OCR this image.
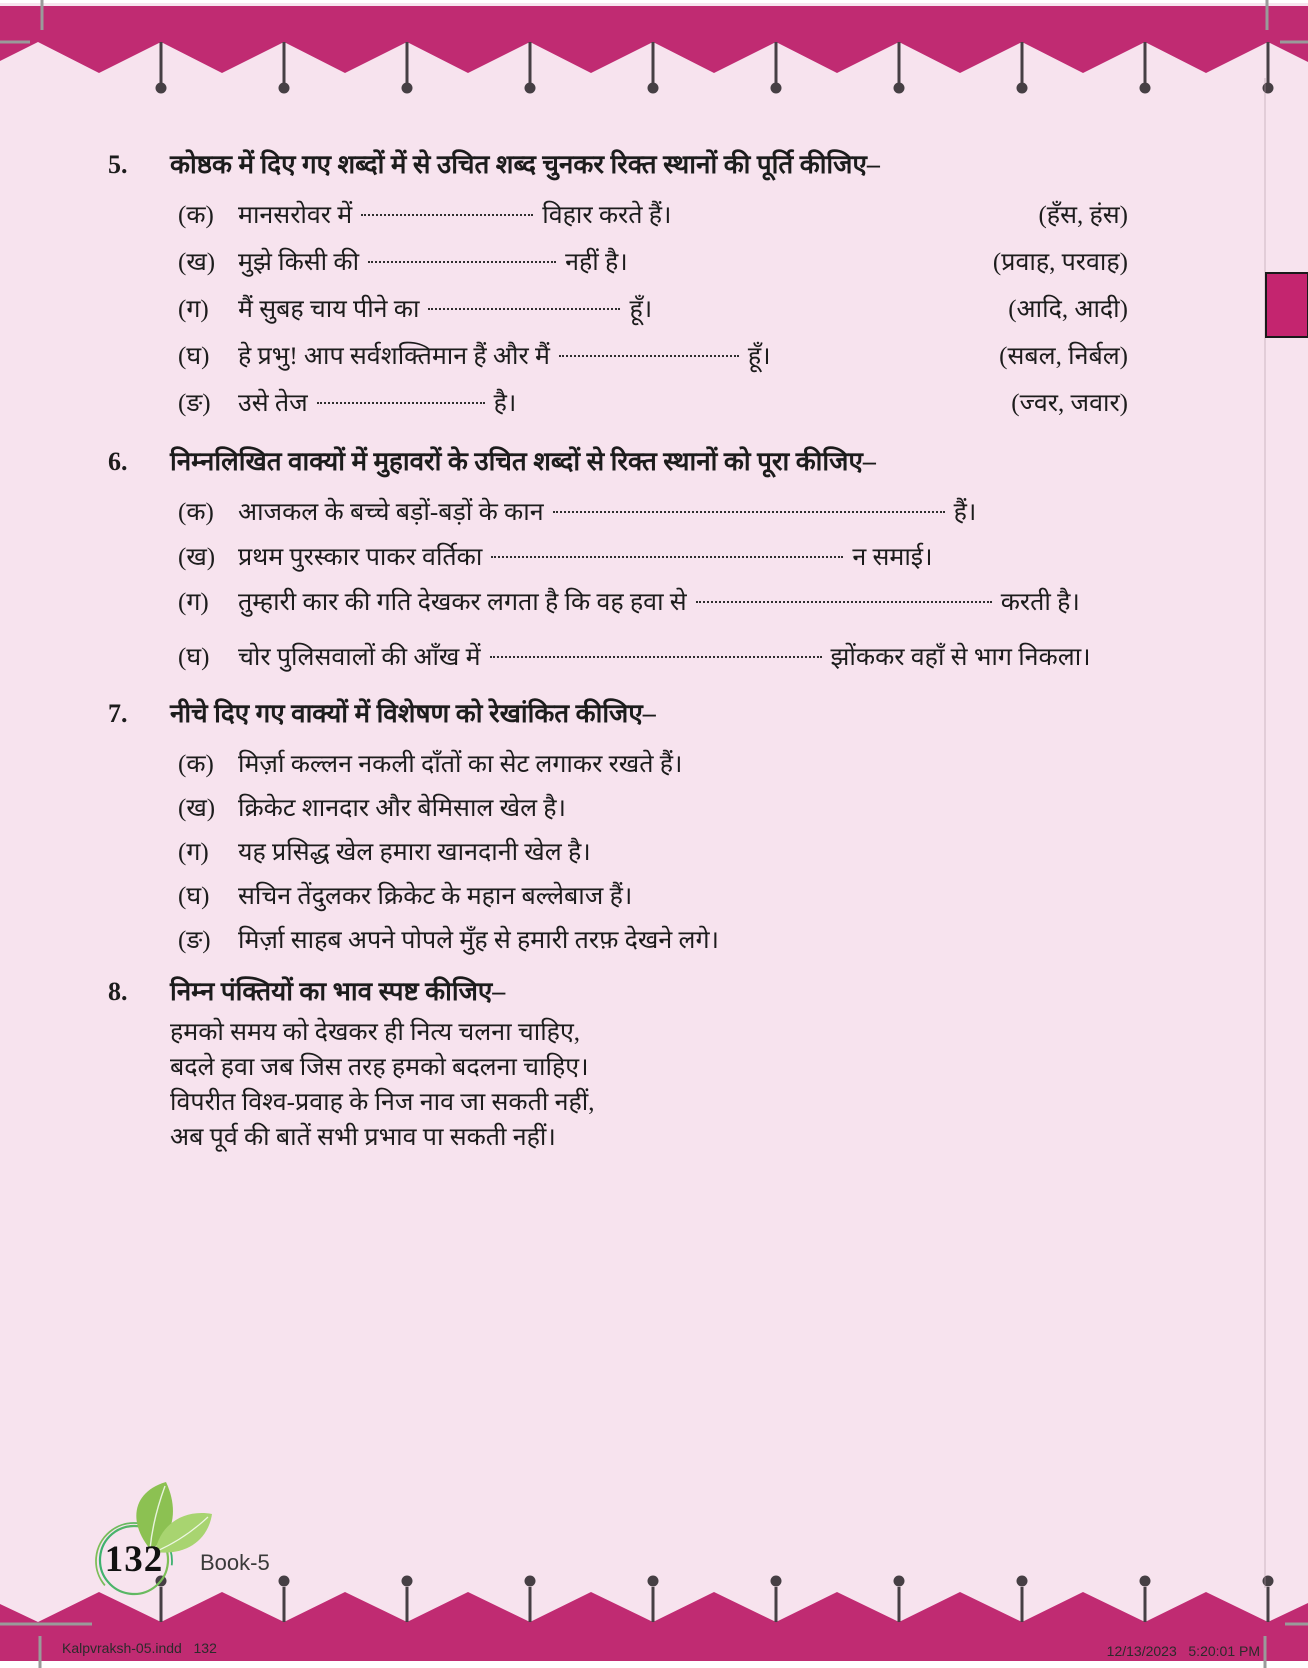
5.	कोष्ठक में दिए गए शब्दों में से उचित शब्द चुनकर रिक्त स्थानों की पूर्ति कीजिए–
(क) मानसरोवर में	विहार करते हैं।	(हँस, हंस)
(ख) मुझे किसी की	नहीं है।	(प्रवाह, परवाह)
(ग)	मैं सुबह चाय पीने का	हूँ।	(आदि, आदी)
(घ)	हे प्रभु! आप सर्वशक्तिमान हैं और मैं	हूँ।	(सबल, निर्बल)
(ङ)	उसे तेज	है।	(ज्वर, जवार)
6.	निम्नलिखित वाक्यों में मुहावरों के उचित शब्दों से रिक्त स्थानों को पूरा कीजिए–
(क) आजकल के बच्चे बड़ों-बड़ों के कान	हैं।
(ख) प्रथम पुरस्कार पाकर वर्तिका	न समाई।
(ग)	तुम्हारी कार की गति देखकर लगता है कि वह हवा से	करती है।
(घ)	चोर पुलिसवालों की आँख में	झोंककर वहाँ से भाग निकला।
7.	नीचे दिए गए वाक्यों में विशेषण को रेखांकित कीजिए–
(क) मिर्ज़ा कल्लन नकली दाँतों का सेट लगाकर रखते हैं।
(ख) क्रिकेट शानदार और बेमिसाल खेल है।
(ग)	यह प्रसिद्ध खेल हमारा खानदानी खेल है।
(घ)	सचिन तेंदुलकर क्रिकेट के महान बल्लेबाज हैं।
(ङ)	मिर्ज़ा साहब अपने पोपले मुँह से हमारी तरफ़ देखने लगे।
8.	निम्न पंक्तियों का भाव स्पष्ट कीजिए–
हमको समय को देखकर ही नित्य चलना चाहिए,
बदले हवा जब जिस तरह हमको बदलना चाहिए।
विपरीत विश्व-प्रवाह के निज नाव जा सकती नहीं,
अब पूर्व की बातें सभी प्रभाव पा सकती नहीं।
132 Book-5
Kalpvraksh-05.indd   132	12/13/2023   5:20:01 PM
